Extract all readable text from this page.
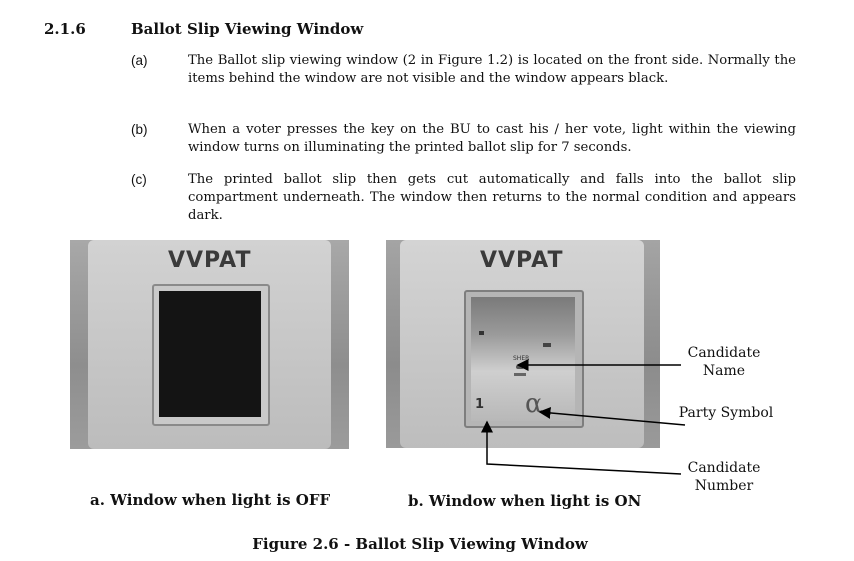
2.1.6	Ballot Slip Viewing Window
(a)	The Ballot slip viewing window (2 in Figure 1.2) is located on the front side. Normally the items behind the window are not visible and the window appears black.
(b)	When a voter presses the key on the BU to cast his / her vote, light within the viewing window turns on illuminating the printed ballot slip for 7 seconds.
(c)	The printed ballot slip then gets cut automatically and falls into the ballot slip compartment underneath. The window then returns to the normal condition and appears dark.
VVPAT	VVPAT
SHER
1 α
Candidate Name
Party Symbol
Candidate Number
a. Window when light is OFF	b. Window when light is ON
Figure 2.6 - Ballot Slip Viewing Window
